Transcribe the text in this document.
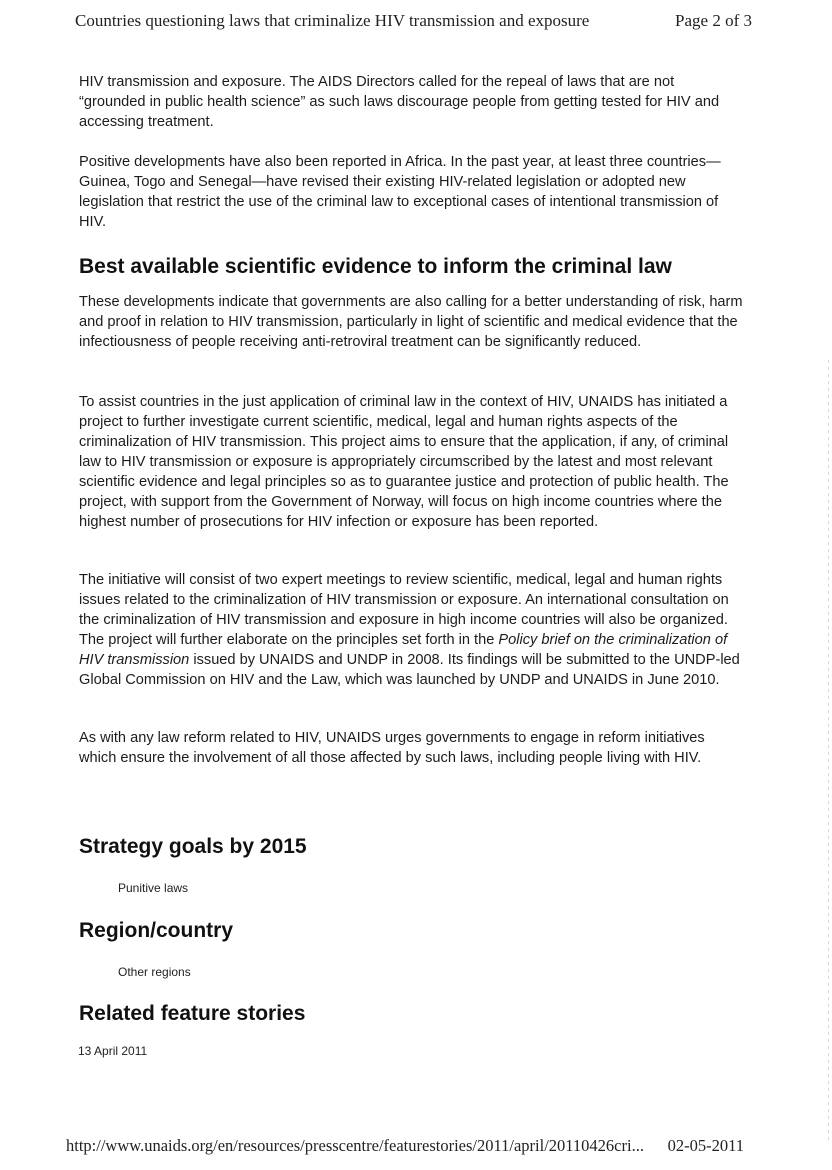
Countries questioning laws that criminalize HIV transmission and exposure	Page 2 of 3

HIV transmission and exposure. The AIDS Directors called for the repeal of laws that are not “grounded in public health science” as such laws discourage people from getting tested for HIV and accessing treatment.

Positive developments have also been reported in Africa. In the past year, at least three countries—Guinea, Togo and Senegal—have revised their existing HIV-related legislation or adopted new legislation that restrict the use of the criminal law to exceptional cases of intentional transmission of HIV.

Best available scientific evidence to inform the criminal law

These developments indicate that governments are also calling for a better understanding of risk, harm and proof in relation to HIV transmission, particularly in light of scientific and medical evidence that the infectiousness of people receiving anti-retroviral treatment can be significantly reduced.

To assist countries in the just application of criminal law in the context of HIV, UNAIDS has initiated a project to further investigate current scientific, medical, legal and human rights aspects of the criminalization of HIV transmission. This project aims to ensure that the application, if any, of criminal law to HIV transmission or exposure is appropriately circumscribed by the latest and most relevant scientific evidence and legal principles so as to guarantee justice and protection of public health. The project, with support from the Government of Norway, will focus on high income countries where the highest number of prosecutions for HIV infection or exposure has been reported.

The initiative will consist of two expert meetings to review scientific, medical, legal and human rights issues related to the criminalization of HIV transmission or exposure. An international consultation on the criminalization of HIV transmission and exposure in high income countries will also be organized. The project will further elaborate on the principles set forth in the Policy brief on the criminalization of HIV transmission issued by UNAIDS and UNDP in 2008. Its findings will be submitted to the UNDP-led Global Commission on HIV and the Law, which was launched by UNDP and UNAIDS in June 2010.

As with any law reform related to HIV, UNAIDS urges governments to engage in reform initiatives which ensure the involvement of all those affected by such laws, including people living with HIV.

Strategy goals by 2015
Punitive laws
Region/country
Other regions
Related feature stories
13 April 2011
http://www.unaids.org/en/resources/presscentre/featurestories/2011/april/20110426cri... 02-05-2011
